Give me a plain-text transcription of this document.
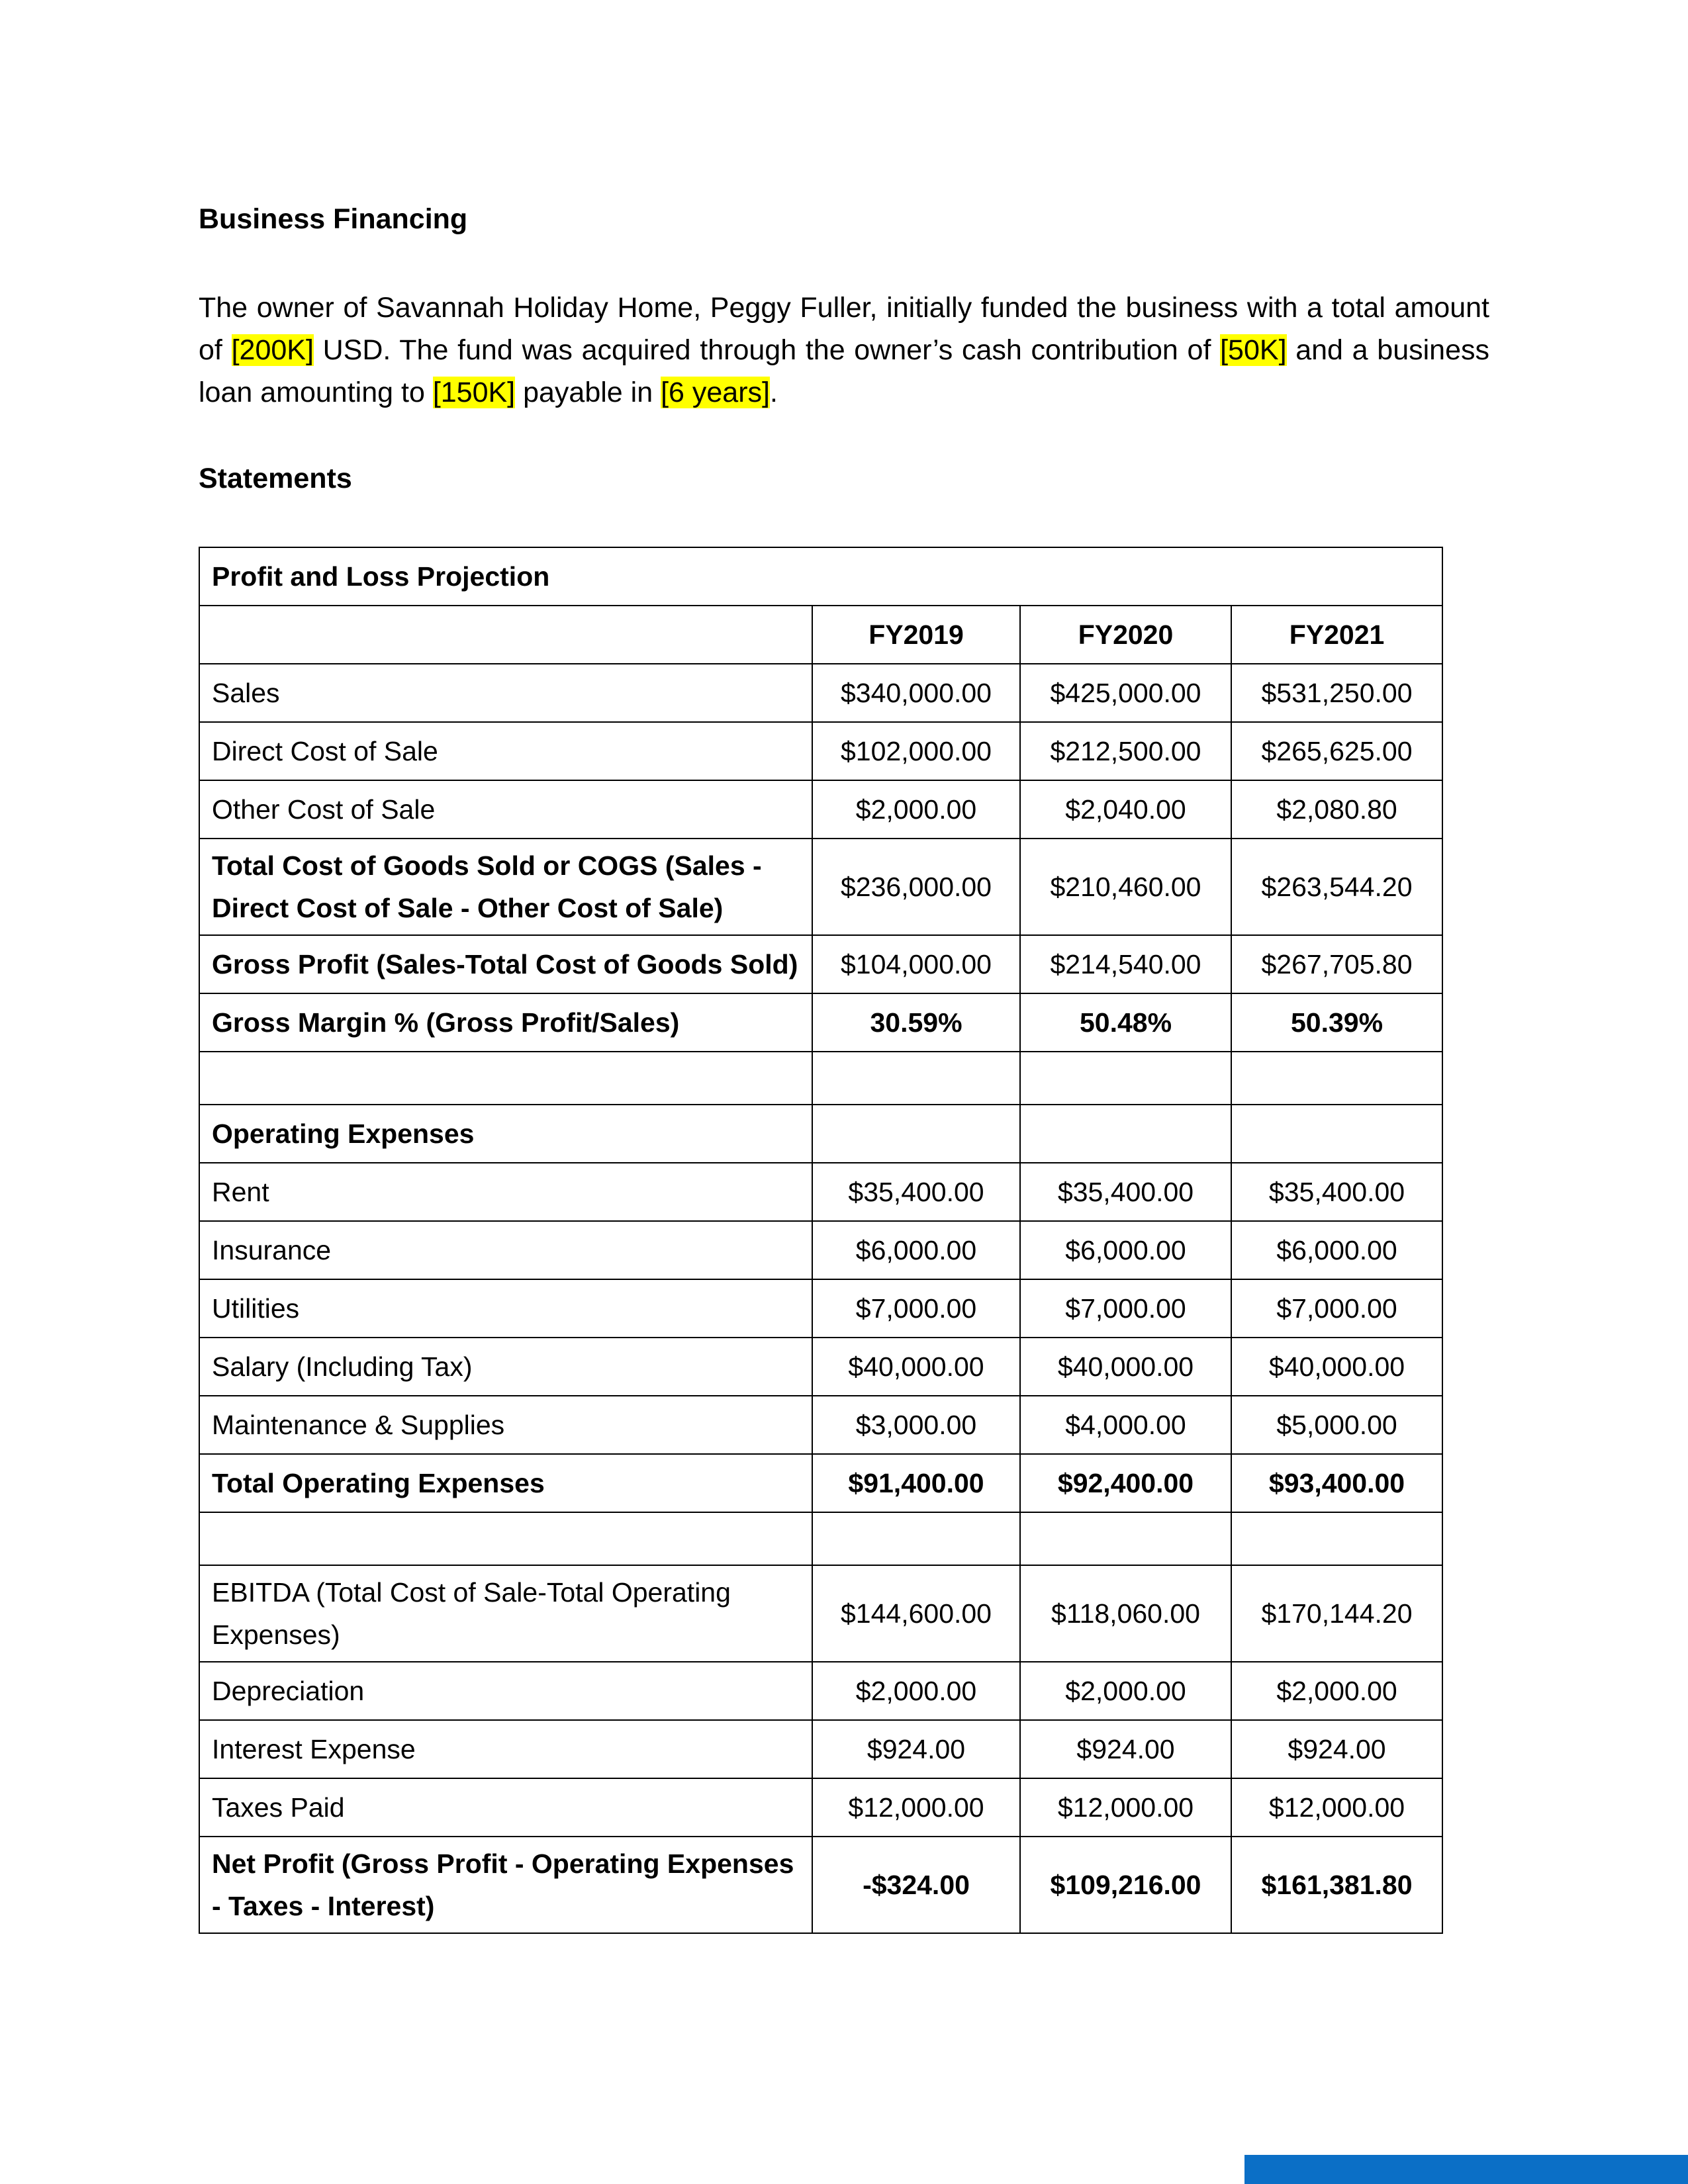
Business Financing
The owner of Savannah Holiday Home, Peggy Fuller, initially funded the business with a total amount of [200K] USD. The fund was acquired through the owner’s cash contribution of [50K] and a business loan amounting to [150K] payable in [6 years].
Statements
Profit and Loss Projection			
	FY2019	FY2020	FY2021
Sales	$340,000.00	$425,000.00	$531,250.00
Direct Cost of Sale	$102,000.00	$212,500.00	$265,625.00
Other Cost of Sale	$2,000.00	$2,040.00	$2,080.80
Total Cost of Goods Sold or COGS (Sales - Direct Cost of Sale - Other Cost of Sale)	$236,000.00	$210,460.00	$263,544.20
Gross Profit (Sales-Total Cost of Goods Sold)	$104,000.00	$214,540.00	$267,705.80
Gross Margin % (Gross Profit/Sales)	30.59%	50.48%	50.39%

Operating Expenses			
Rent	$35,400.00	$35,400.00	$35,400.00
Insurance	$6,000.00	$6,000.00	$6,000.00
Utilities	$7,000.00	$7,000.00	$7,000.00
Salary (Including Tax)	$40,000.00	$40,000.00	$40,000.00
Maintenance & Supplies	$3,000.00	$4,000.00	$5,000.00
Total Operating Expenses	$91,400.00	$92,400.00	$93,400.00

EBITDA (Total Cost of Sale-Total Operating Expenses)	$144,600.00	$118,060.00	$170,144.20
Depreciation	$2,000.00	$2,000.00	$2,000.00
Interest Expense	$924.00	$924.00	$924.00
Taxes Paid	$12,000.00	$12,000.00	$12,000.00
Net Profit (Gross Profit - Operating Expenses - Taxes - Interest)	-$324.00	$109,216.00	$161,381.80
